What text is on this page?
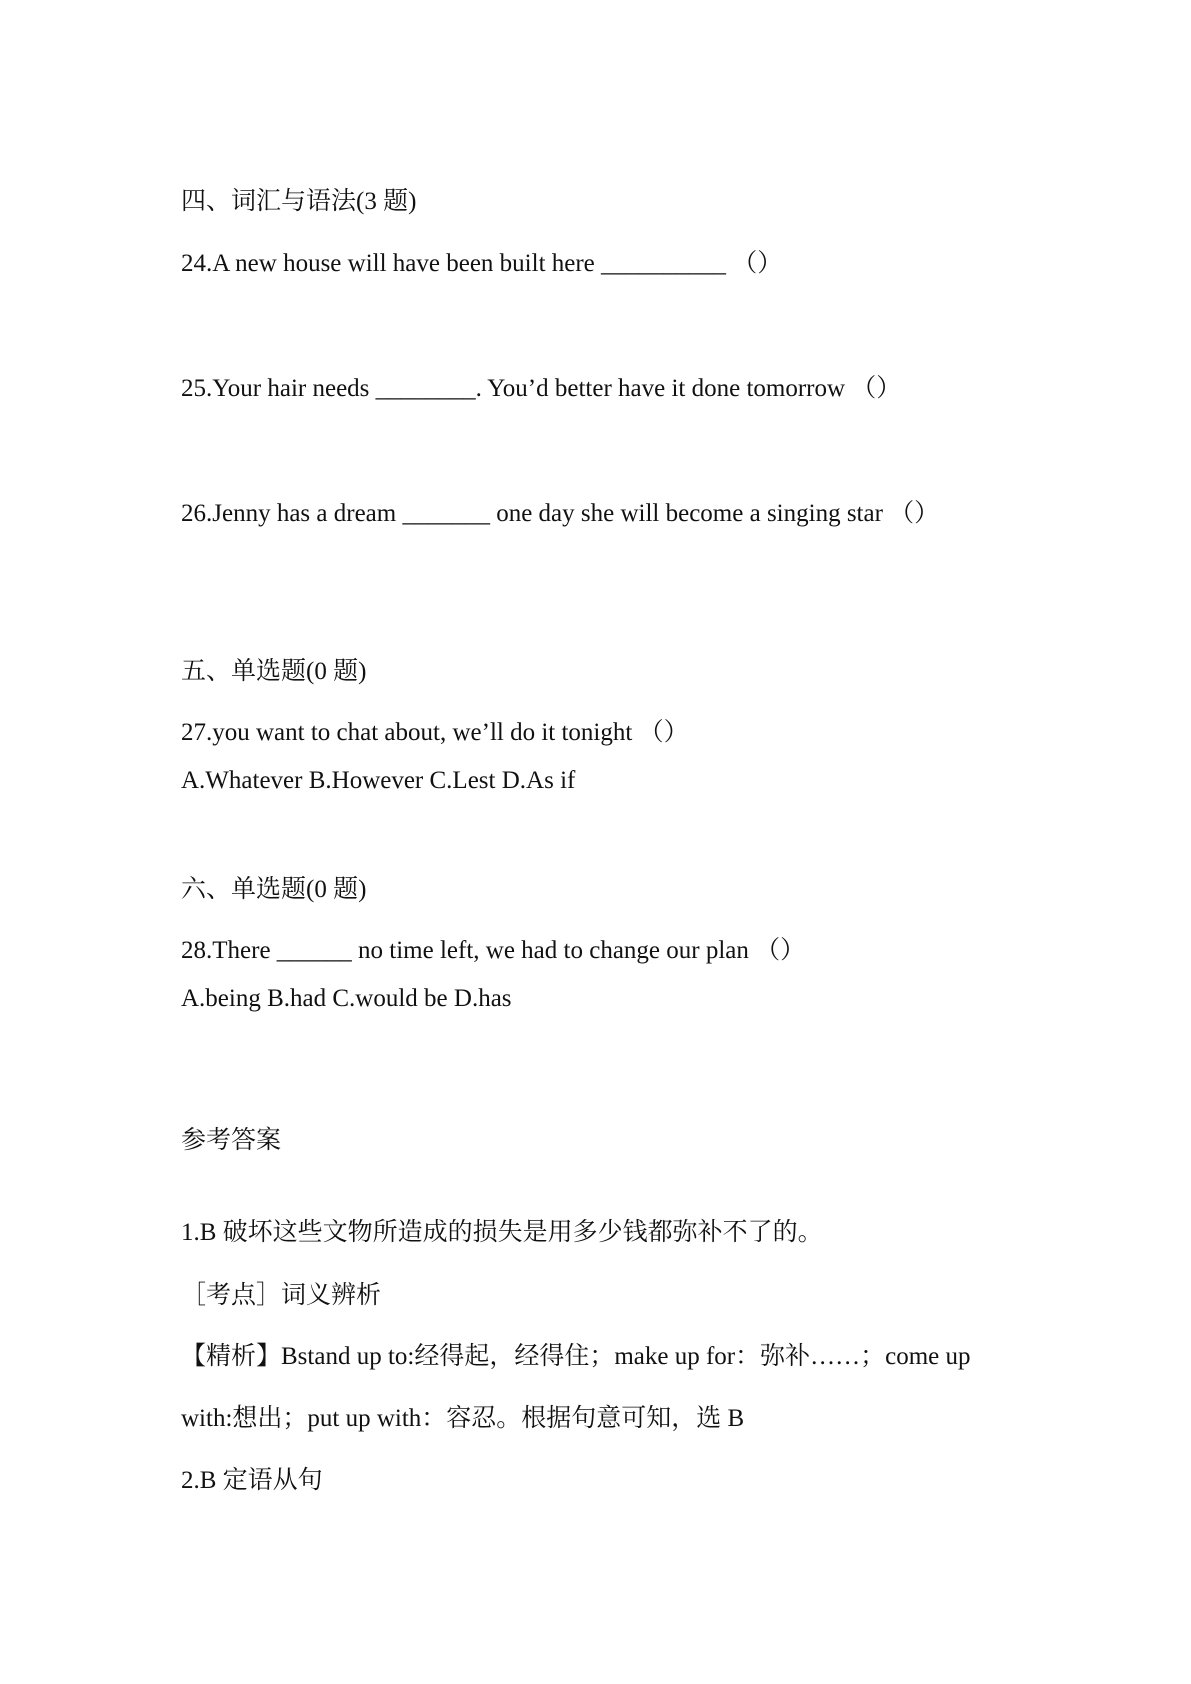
四、词汇与语法(3 题)
24.A new house will have been built here __________ （）
25.Your hair needs ________. You’d better have it done tomorrow （）
26.Jenny has a dream _______ one day she will become a singing star （）
五、单选题(0 题)
27.you want to chat about, we’ll do it tonight （）
A.Whatever B.However C.Lest D.As if
六、单选题(0 题)
28.There ______ no time left, we had to change our plan （）
A.being B.had C.would be D.has
参考答案
1.B 破坏这些文物所造成的损失是用多少钱都弥补不了的。
［考点］词义辨析
【精析】Bstand up to:经得起，经得住；make up for：弥补……；come up
with:想出；put up with：容忍。根据句意可知，选 B
2.B 定语从句
